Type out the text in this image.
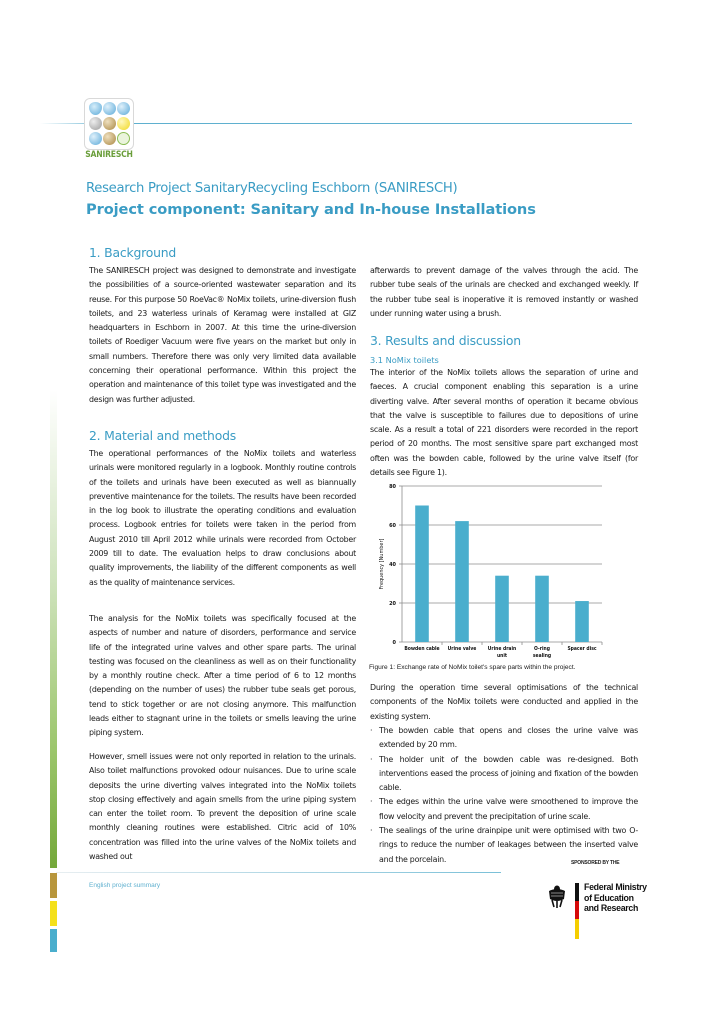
SANIRESCH
Research Project SanitaryRecycling Eschborn (SANIRESCH)
Project component: Sanitary and In-house Installations
1. Background

The SANIRESCH project was designed to demonstrate and investigate the possibilities of a source-oriented wastewater separation and its reuse. For this purpose 50 RoeVac® NoMix toilets, urine-diversion flush toilets, and 23 waterless urinals of Keramag were installed at GIZ headquarters in Eschborn in 2007. At this time the urine-diversion toilets of Roediger Vacuum were five years on the market but only in small numbers. Therefore there was only very limited data available concerning their operational performance. Within this project the operation and maintenance of this toilet type was investigated and the design was further adjusted.

2. Material and methods

The operational performances of the NoMix toilets and waterless urinals were monitored regularly in a logbook. Monthly routine controls of the toilets and urinals have been executed as well as biannually preventive maintenance for the toilets. The results have been recorded in the log book to illustrate the operating conditions and evaluation process. Logbook entries for toilets were taken in the period from August 2010 till April 2012 while urinals were recorded from October 2009 till to date. The evaluation helps to draw conclusions about quality improvements, the liability of the different components as well as the quality of maintenance services.

The analysis for the NoMix toilets was specifically focused at the aspects of number and nature of disorders, performance and service life of the integrated urine valves and other spare parts. The urinal testing was focused on the cleanliness as well as on their functionality by a monthly routine check. After a time period of 6 to 12 months (depending on the number of uses) the rubber tube seals get porous, tend to stick together or are not closing anymore. This malfunction leads either to stagnant urine in the toilets or smells leaving the urine piping system.

However, smell issues were not only reported in relation to the urinals. Also toilet malfunctions provoked odour nuisances. Due to urine scale deposits the urine diverting valves integrated into the NoMix toilets stop closing effectively and again smells from the urine piping system can enter the toilet room. To prevent the deposition of urine scale monthly cleaning routines were established. Citric acid of 10% concentration was filled into the urine valves of the NoMix toilets and washed out

afterwards to prevent damage of the valves through the acid. The rubber tube seals of the urinals are checked and exchanged weekly. If the rubber tube seal is inoperative it is removed instantly or washed under running water using a brush.

3. Results and discussion
3.1 NoMix toilets

The interior of the NoMix toilets allows the separation of urine and faeces. A crucial component enabling this separation is a urine diverting valve. After several months of operation it became obvious that the valve is susceptible to failures due to depositions of urine scale. As a result a total of 221 disorders were recorded in the report period of 20 months. The most sensitive spare part exchanged most often was the bowden cable, followed by the urine valve itself (for details see Figure 1).

0
20
40
60
80
Bowden cable Urine valve Urine drain
unit
O-ring
sealing
Spacer disc
Frequency [Number]
Figure 1: Exchange rate of NoMix toilet's spare parts within the project.

During the operation time several optimisations of the technical components of the NoMix toilets were conducted and applied in the existing system.

· The bowden cable that opens and closes the urine valve was extended by 20 mm.
· The holder unit of the bowden cable was re-designed. Both interventions eased the process of joining and fixation of the bowden cable.
· The edges within the urine valve were smoothened to improve the flow velocity and prevent the precipitation of urine scale.
· The sealings of the urine drainpipe unit were optimised with two O-rings to reduce the number of leakages between the inserted valve and the porcelain.
English project summary
SPONSORED BY THE
Federal Ministry
of Education
and Research
